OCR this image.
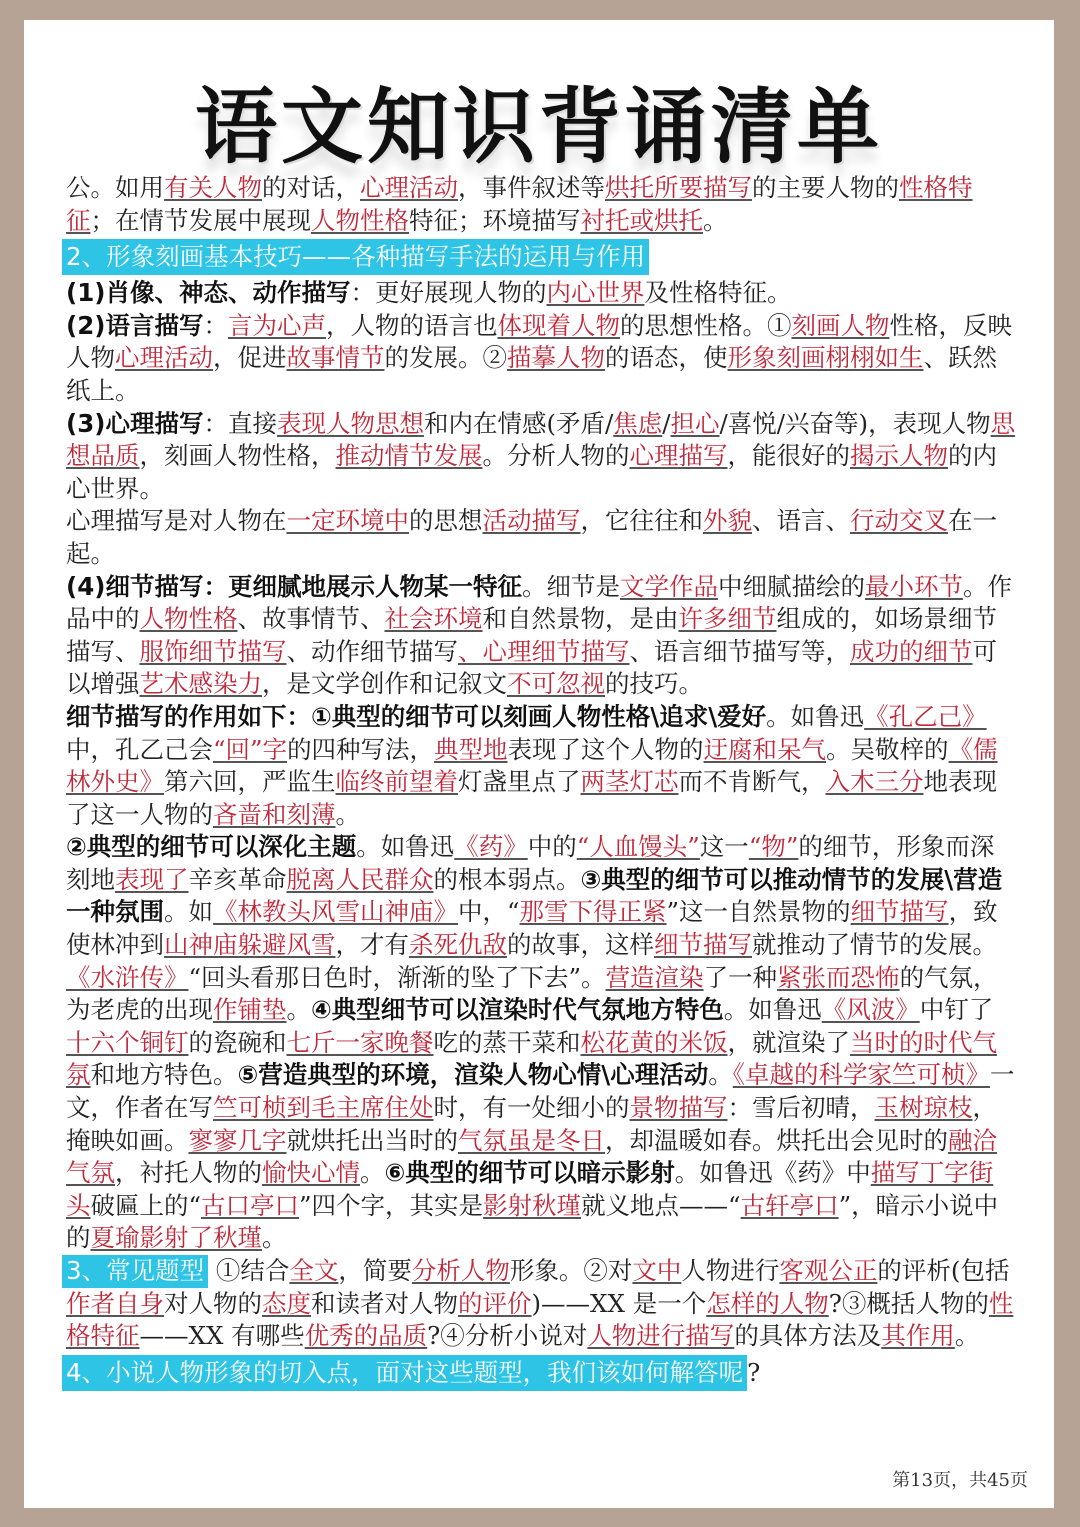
语文知识背诵清单
公。如用有关人物的对话，心理活动，事件叙述等烘托所要描写的主要人物的性格特征；在情节发展中展现人物性格特征；环境描写衬托或烘托。
2、形象刻画基本技巧——各种描写手法的运用与作用
(1)肖像、神态、动作描写：更好展现人物的内心世界及性格特征。
(2)语言描写：言为心声，人物的语言也体现着人物的思想性格。①刻画人物性格，反映人物心理活动，促进故事情节的发展。②描摹人物的语态，使形象刻画栩栩如生、跃然纸上。
(3)心理描写：直接表现人物思想和内在情感(矛盾/焦虑/担心/喜悦/兴奋等)，表现人物思想品质，刻画人物性格，推动情节发展。分析人物的心理描写，能很好的揭示人物的内心世界。
心理描写是对人物在一定环境中的思想活动描写，它往往和外貌、语言、行动交叉在一起。
(4)细节描写：更细腻地展示人物某一特征。细节是文学作品中细腻描绘的最小环节。作品中的人物性格、故事情节、社会环境和自然景物，是由许多细节组成的，如场景细节描写、服饰细节描写、动作细节描写、心理细节描写、语言细节描写等，成功的细节可以增强艺术感染力，是文学创作和记叙文不可忽视的技巧。
细节描写的作用如下：①典型的细节可以刻画人物性格\追求\爱好。如鲁迅《孔乙己》中，孔乙己会“回”字的四种写法，典型地表现了这个人物的迂腐和呆气。吴敬梓的《儒林外史》第六回，严监生临终前望着灯盏里点了两茎灯芯而不肯断气，入木三分地表现了这一人物的吝啬和刻薄。
②典型的细节可以深化主题。如鲁迅《药》中的“人血馒头”这一“物”的细节，形象而深刻地表现了辛亥革命脱离人民群众的根本弱点。③典型的细节可以推动情节的发展\营造一种氛围。如《林教头风雪山神庙》中，“那雪下得正紧”这一自然景物的细节描写，致使林冲到山神庙躲避风雪，才有杀死仇敌的故事，这样细节描写就推动了情节的发展。《水浒传》“回头看那日色时，渐渐的坠了下去”。营造渲染了一种紧张而恐怖的气氛，为老虎的出现作铺垫。④典型细节可以渲染时代气氛地方特色。如鲁迅《风波》中钉了十六个铜钉的瓷碗和七斤一家晚餐吃的蒸干菜和松花黄的米饭，就渲染了当时的时代气氛和地方特色。⑤营造典型的环境，渲染人物心情\心理活动。《卓越的科学家竺可桢》一文，作者在写竺可桢到毛主席住处时，有一处细小的景物描写：雪后初晴，玉树琼枝，掩映如画。寥寥几字就烘托出当时的气氛虽是冬日，却温暖如春。烘托出会见时的融洽气氛，衬托人物的愉快心情。⑥典型的细节可以暗示影射。如鲁迅《药》中描写丁字街头破匾上的“古口亭口”四个字，其实是影射秋瑾就义地点——“古轩亭口”，暗示小说中的夏瑜影射了秋瑾。
3、常见题型 ①结合全文，简要分析人物形象。②对文中人物进行客观公正的评析(包括作者自身对人物的态度和读者对人物的评价)——XX 是一个怎样的人物?③概括人物的性格特征——XX 有哪些优秀的品质?④分析小说对人物进行描写的具体方法及其作用。
4、小说人物形象的切入点，面对这些题型，我们该如何解答呢 ?
第13页，共45页
